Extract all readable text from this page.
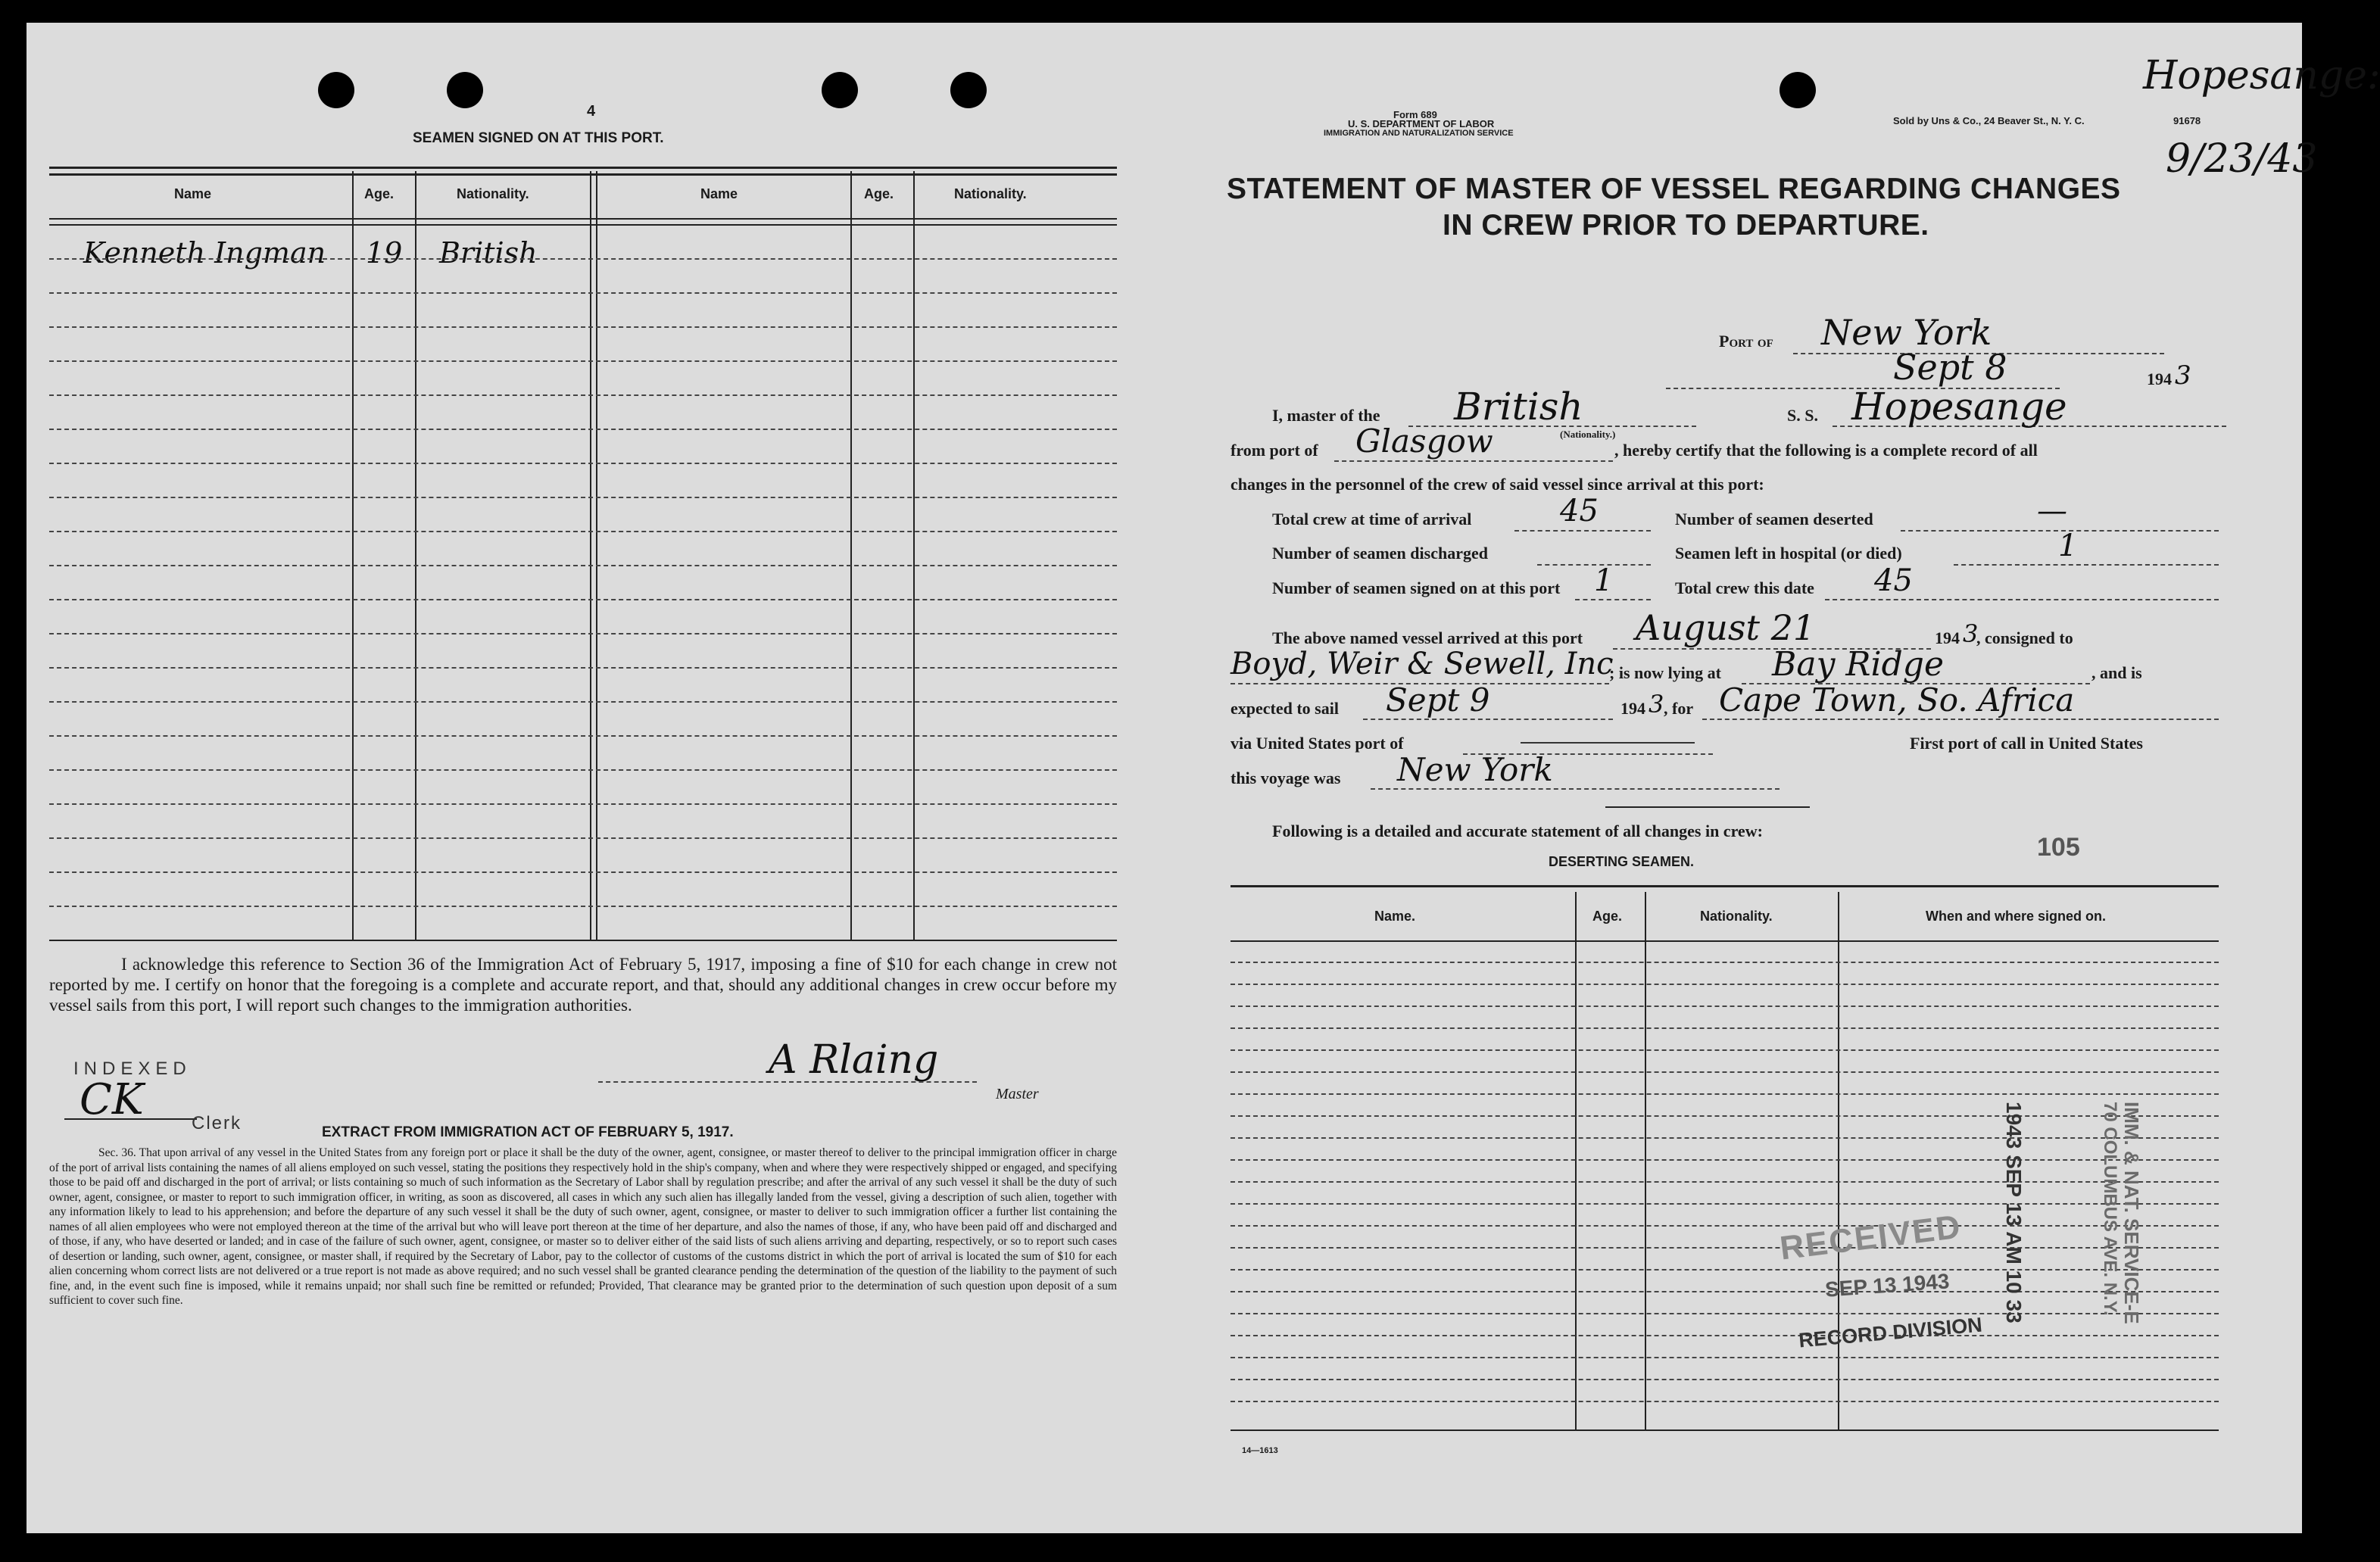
4
SEAMEN SIGNED ON AT THIS PORT.
Name	Age.	Nationality.	Name	Age.	Nationality.
Kenneth Ingman 19 British
I acknowledge this reference to Section 36 of the Immigration Act of February 5, 1917, imposing a fine of $10 for each change in crew not reported by me. I certify on honor that the foregoing is a complete and accurate report, and that, should any additional changes in crew occur before my vessel sails from this port, I will report such changes to the immigration authorities.
INDEXED
CK	Clerk
A Rlaing
Master
EXTRACT FROM IMMIGRATION ACT OF FEBRUARY 5, 1917.
Sec. 36. That upon arrival of any vessel in the United States from any foreign port or place it shall be the duty of the owner, agent, consignee, or master thereof to deliver to the principal immigration officer in charge of the port of arrival lists containing the names of all aliens employed on such vessel, stating the positions they respectively hold in the ship's company, when and where they were respectively shipped or engaged, and specifying those to be paid off and discharged in the port of arrival; or lists containing so much of such information as the Secretary of Labor shall by regulation prescribe; and after the arrival of any such vessel it shall be the duty of such owner, agent, consignee, or master to report to such immigration officer, in writing, as soon as discovered, all cases in which any such alien has illegally landed from the vessel, giving a description of such alien, together with any information likely to lead to his apprehension; and before the departure of any such vessel it shall be the duty of such owner, agent, consignee, or master to deliver to such immigration officer a further list containing the names of all alien employees who were not employed thereon at the time of the arrival but who will leave port thereon at the time of her departure, and also the names of those, if any, who have been paid off and discharged and of those, if any, who have deserted or landed; and in case of the failure of such owner, agent, consignee, or master so to deliver either of the said lists of such aliens arriving and departing, respectively, or so to report such cases of desertion or landing, such owner, agent, consignee, or master shall, if required by the Secretary of Labor, pay to the collector of customs of the customs district in which the port of arrival is located the sum of $10 for each alien concerning whom correct lists are not delivered or a true report is not made as above required; and no such vessel shall be granted clearance pending the determination of the question of the liability to the payment of such fine, and, in the event such fine is imposed, while it remains unpaid; nor shall such fine be remitted or refunded; Provided, That clearance may be granted prior to the determination of such question upon deposit of a sum sufficient to cover such fine.
Form 689
U. S. DEPARTMENT OF LABOR
IMMIGRATION AND NATURALIZATION SERVICE
Sold by Uns & Co., 24 Beaver St., N. Y. C.	91678
Hopesange:
9/23/43
STATEMENT OF MASTER OF VESSEL REGARDING CHANGES
IN CREW PRIOR TO DEPARTURE.
Port of New York
Sept 8	194 3
I, master of the British
(Nationality.)
S. S. Hopesange
from port of Glasgow	, hereby certify that the following is a complete record of all
changes in the personnel of the crew of said vessel since arrival at this port:
Total crew at time of arrival	45	Number of seamen deserted	—
Number of seamen discharged	Seamen left in hospital (or died)	1
Number of seamen signed on at this port 1	Total crew this date 45
The above named vessel arrived at this port August 21	194 3
, consigned to
Boyd, Weir & Sewell, Inc
; is now lying at Bay Ridge	, and is
expected to sail Sept 9	194 3 , for Cape Town, So. Africa
via United States port of	First port of call in United States
this voyage was New York
Following is a detailed and accurate statement of all changes in crew:
105
DESERTING SEAMEN.
Name.	Age.	Nationality.	When and where signed on.
IMM. & NAT. SERVICE-E
70 COLUMBUS AVE. N.Y.
1943 SEP 13 AM 10 33
RECEIVED
SEP 13 1943
RECORD DIVISION
14—1613
